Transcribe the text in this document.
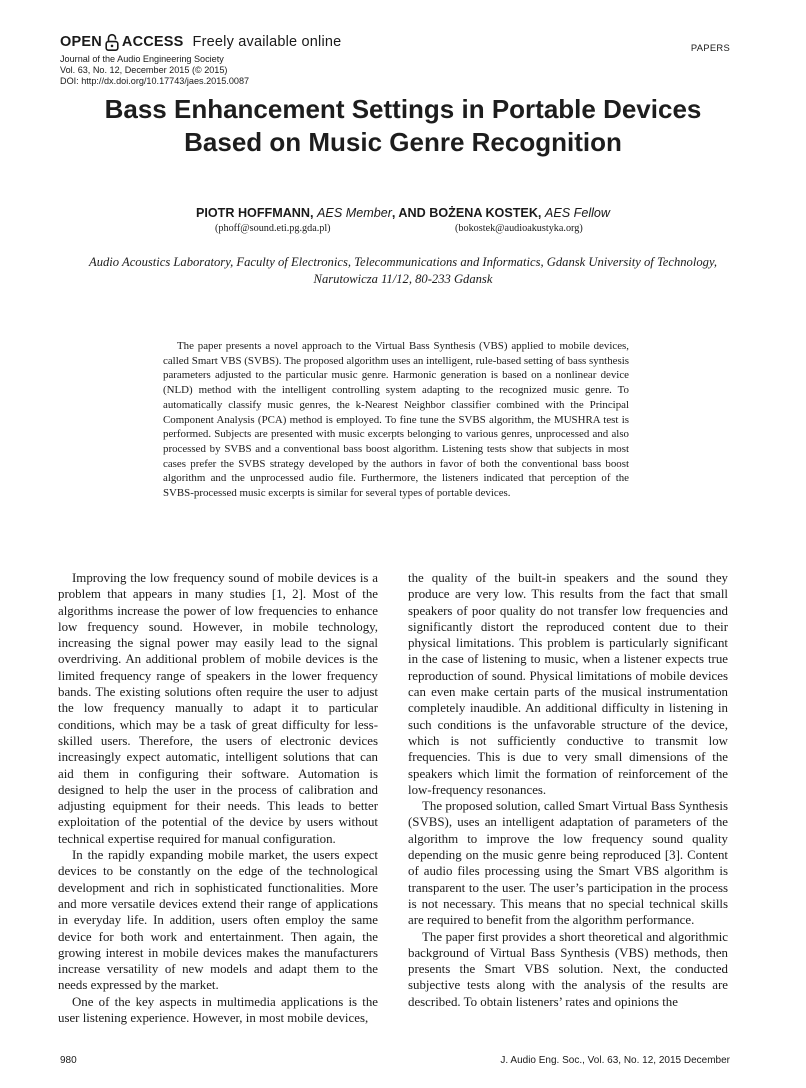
OPEN ACCESS Freely available online
Journal of the Audio Engineering Society
Vol. 63, No. 12, December 2015 (© 2015)
DOI: http://dx.doi.org/10.17743/jaes.2015.0087
PAPERS
Bass Enhancement Settings in Portable Devices
Based on Music Genre Recognition
PIOTR HOFFMANN, AES Member, AND BOŻENA KOSTEK, AES Fellow
(phoff@sound.eti.pg.gda.pl)	(bokostek@audioakustyka.org)
Audio Acoustics Laboratory, Faculty of Electronics, Telecommunications and Informatics, Gdansk University of Technology, Narutowicza 11/12, 80-233 Gdansk

The paper presents a novel approach to the Virtual Bass Synthesis (VBS) applied to mobile devices, called Smart VBS (SVBS). The proposed algorithm uses an intelligent, rule-based setting of bass synthesis parameters adjusted to the particular music genre. Harmonic generation is based on a nonlinear device (NLD) method with the intelligent controlling system adapting to the recognized music genre. To automatically classify music genres, the k-Nearest Neighbor classifier combined with the Principal Component Analysis (PCA) method is employed. To fine tune the SVBS algorithm, the MUSHRA test is performed. Subjects are presented with music excerpts belonging to various genres, unprocessed and also processed by SVBS and a conventional bass boost algorithm. Listening tests show that subjects in most cases prefer the SVBS strategy developed by the authors in favor of both the conventional bass boost algorithm and the unprocessed audio file. Furthermore, the listeners indicated that perception of the SVBS-processed music excerpts is similar for several types of portable devices.

Improving the low frequency sound of mobile devices is a problem that appears in many studies [1, 2]. Most of the algorithms increase the power of low frequencies to enhance low frequency sound. However, in mobile technology, increasing the signal power may easily lead to the signal overdriving. An additional problem of mobile devices is the limited frequency range of speakers in the lower frequency bands. The existing solutions often require the user to adjust the low frequency manually to adapt it to particular conditions, which may be a task of great difficulty for less-skilled users. Therefore, the users of electronic devices increasingly expect automatic, intelligent solutions that can aid them in configuring their software. Automation is designed to help the user in the process of calibration and adjusting equipment for their needs. This leads to better exploitation of the potential of the device by users without technical expertise required for manual configuration.

In the rapidly expanding mobile market, the users expect devices to be constantly on the edge of the technological development and rich in sophisticated functionalities. More and more versatile devices extend their range of applications in everyday life. In addition, users often employ the same device for both work and entertainment. Then again, the growing interest in mobile devices makes the manufacturers increase versatility of new models and adapt them to the needs expressed by the market.

One of the key aspects in multimedia applications is the user listening experience. However, in most mobile devices,

the quality of the built-in speakers and the sound they produce are very low. This results from the fact that small speakers of poor quality do not transfer low frequencies and significantly distort the reproduced content due to their physical limitations. This problem is particularly significant in the case of listening to music, when a listener expects true reproduction of sound. Physical limitations of mobile devices can even make certain parts of the musical instrumentation completely inaudible. An additional difficulty in listening in such conditions is the unfavorable structure of the device, which is not sufficiently conductive to transmit low frequencies. This is due to very small dimensions of the speakers which limit the formation of reinforcement of the low-frequency resonances.

The proposed solution, called Smart Virtual Bass Synthesis (SVBS), uses an intelligent adaptation of parameters of the algorithm to improve the low frequency sound quality depending on the music genre being reproduced [3]. Content of audio files processing using the Smart VBS algorithm is transparent to the user. The user’s participation in the process is not necessary. This means that no special technical skills are required to benefit from the algorithm performance.

The paper first provides a short theoretical and algorithmic background of Virtual Bass Synthesis (VBS) methods, then presents the Smart VBS solution. Next, the conducted subjective tests along with the analysis of the results are described. To obtain listeners’ rates and opinions the

980	J. Audio Eng. Soc., Vol. 63, No. 12, 2015 December
